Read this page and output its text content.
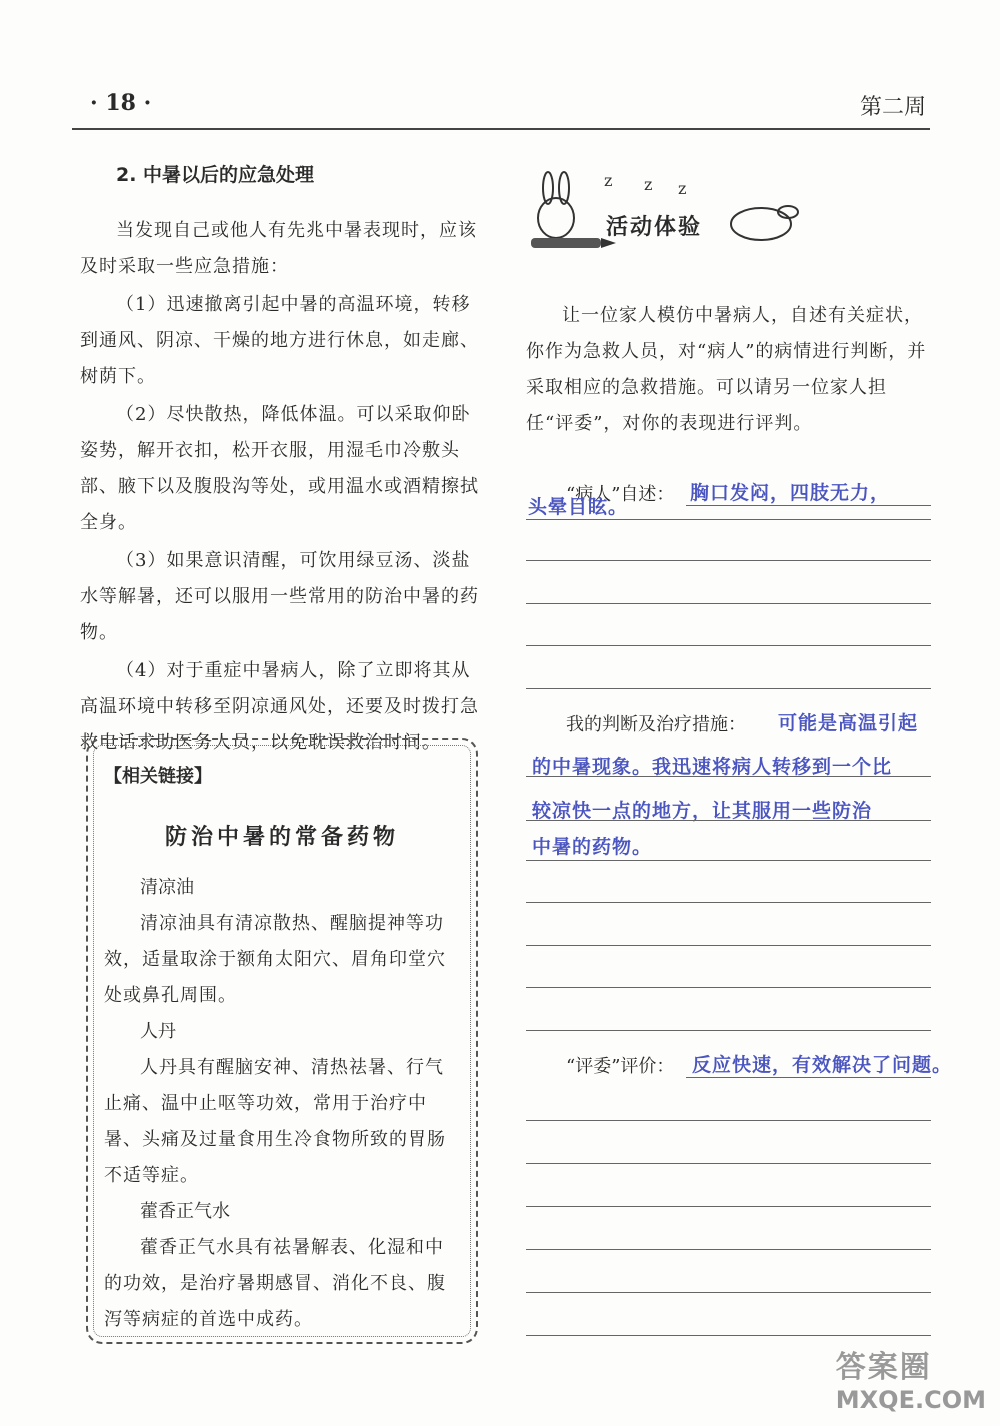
· 18 ·	第二周
2. 中暑以后的应急处理

当发现自己或他人有先兆中暑表现时，应该及时采取一些应急措施：

（1）迅速撤离引起中暑的高温环境，转移到通风、阴凉、干燥的地方进行休息，如走廊、树荫下。

（2）尽快散热，降低体温。可以采取仰卧姿势，解开衣扣，松开衣服，用湿毛巾冷敷头部、腋下以及腹股沟等处，或用温水或酒精擦拭全身。

（3）如果意识清醒，可饮用绿豆汤、淡盐水等解暑，还可以服用一些常用的防治中暑的药物。

（4）对于重症中暑病人，除了立即将其从高温环境中转移至阴凉通风处，还要及时拨打急救电话求助医务人员，以免耽误救治时间。

【相关链接】
防治中暑的常备药物

清凉油

清凉油具有清凉散热、醒脑提神等功效，适量取涂于额角太阳穴、眉角印堂穴处或鼻孔周围。

人丹

人丹具有醒脑安神、清热祛暑、行气止痛、温中止呕等功效，常用于治疗中暑、头痛及过量食用生冷食物所致的胃肠不适等症。

藿香正气水

藿香正气水具有祛暑解表、化湿和中的功效，是治疗暑期感冒、消化不良、腹泻等病症的首选中成药。

z z z
活动体验
让一位家人模仿中暑病人，自述有关症状，你作为急救人员，对“病人”的病情进行判断，并采取相应的急救措施。可以请另一位家人担任“评委”，对你的表现进行评判。
“病人”自述： 胸口发闷，四肢无力，
头晕目眩。
我的判断及治疗措施： 可能是高温引起
的中暑现象。我迅速将病人转移到一个比
较凉快一点的地方，让其服用一些防治
中暑的药物。
“评委”评价： 反应快速，有效解决了问题。
答案圈
MXQE.COM
